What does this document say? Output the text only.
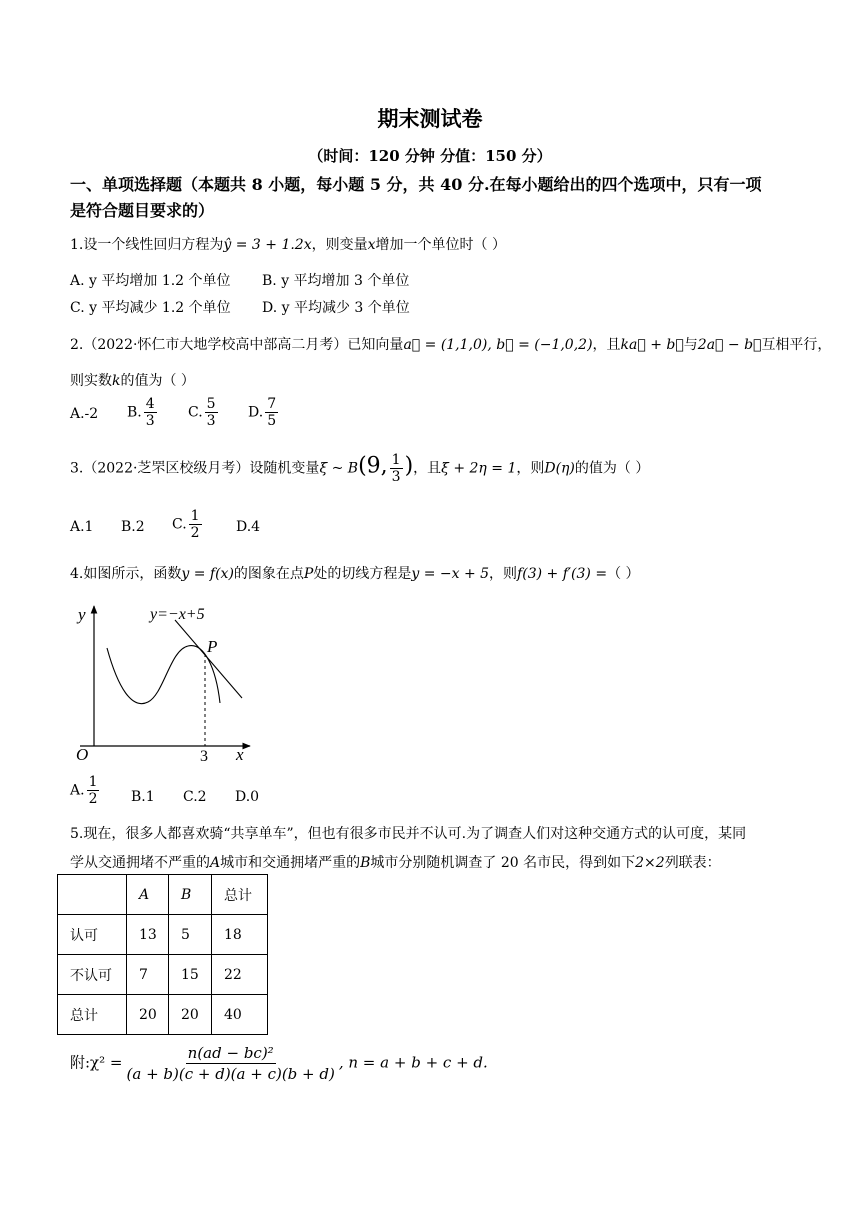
期末测试卷
（时间：120 分钟 分值：150 分）
一、单项选择题（本题共 8 小题，每小题 5 分，共 40 分.在每小题给出的四个选项中，只有一项
是符合题目要求的）
1.设一个线性回归方程为ŷ = 3 + 1.2x，则变量x增加一个单位时（ ）
A. y 平均增加 1.2 个单位 B. y 平均增加 3 个单位
C. y 平均减少 1.2 个单位 D. y 平均减少 3 个单位
2.（2022·怀仁市大地学校高中部高二月考）已知向量a⃗ = (1,1,0), b⃗ = (−1,0,2)，且ka⃗ + b⃗与2a⃗ − b⃗互相平行，
则实数k的值为（ ）
A.-2 B. $\frac{4}{3} C$. $\frac{5}{3} D$. $\frac{7}{5}$
3.（2022·芝罘区校级月考）设随机变量ξ ~ B(9, $\frac{1}{3}$ )，且ξ + 2η = 1，则D(η)的值为（ ）
A.1 B.2 C. $\frac{1}{2} D.4$
4.如图所示，函数y = f(x)的图象在点P处的切线方程是y = −x + 5，则f(3) + f′(3) =（ ）
y
x
O	3
P
y=−x+5
A. $\frac{1}{2} B.1$ C.2 D.0
5.现在，很多人都喜欢骑“共享单车”，但也有很多市民并不认可.为了调查人们对这种交通方式的认可度，某同
学从交通拥堵不严重的A城市和交通拥堵严重的B城市分别随机调查了 20 名市民，得到如下2×2列联表：
	A	B	总计
认可	13	5	18
不认可	7	15	22
总计	20	20	40
附:χ² = $\frac{\text{n(ad − bc)²}}{(a + b)(c + d)(a + c)(b + d)}$ , n = a + b + c + d.
